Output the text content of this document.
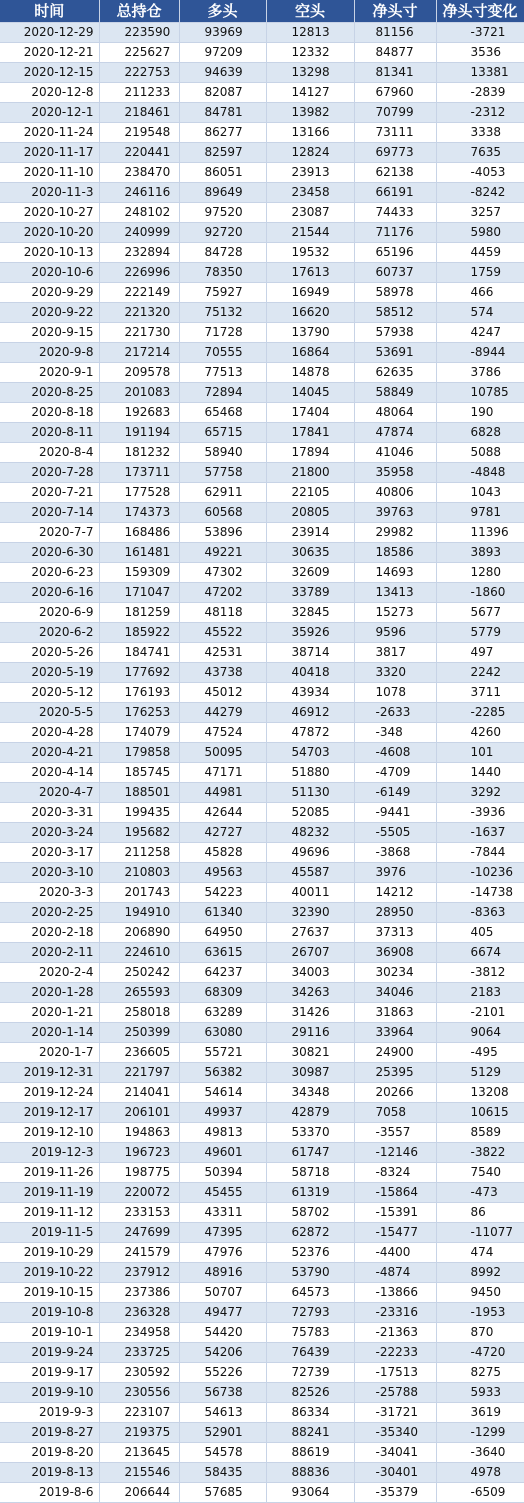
时间	总持仓	多头	空头	净头寸	净头寸变化
2020-12-29	223590	93969	12813	81156	-3721
2020-12-21	225627	97209	12332	84877	3536
2020-12-15	222753	94639	13298	81341	13381
2020-12-8	211233	82087	14127	67960	-2839
2020-12-1	218461	84781	13982	70799	-2312
2020-11-24	219548	86277	13166	73111	3338
2020-11-17	220441	82597	12824	69773	7635
2020-11-10	238470	86051	23913	62138	-4053
2020-11-3	246116	89649	23458	66191	-8242
2020-10-27	248102	97520	23087	74433	3257
2020-10-20	240999	92720	21544	71176	5980
2020-10-13	232894	84728	19532	65196	4459
2020-10-6	226996	78350	17613	60737	1759
2020-9-29	222149	75927	16949	58978	466
2020-9-22	221320	75132	16620	58512	574
2020-9-15	221730	71728	13790	57938	4247
2020-9-8	217214	70555	16864	53691	-8944
2020-9-1	209578	77513	14878	62635	3786
2020-8-25	201083	72894	14045	58849	10785
2020-8-18	192683	65468	17404	48064	190
2020-8-11	191194	65715	17841	47874	6828
2020-8-4	181232	58940	17894	41046	5088
2020-7-28	173711	57758	21800	35958	-4848
2020-7-21	177528	62911	22105	40806	1043
2020-7-14	174373	60568	20805	39763	9781
2020-7-7	168486	53896	23914	29982	11396
2020-6-30	161481	49221	30635	18586	3893
2020-6-23	159309	47302	32609	14693	1280
2020-6-16	171047	47202	33789	13413	-1860
2020-6-9	181259	48118	32845	15273	5677
2020-6-2	185922	45522	35926	9596	5779
2020-5-26	184741	42531	38714	3817	497
2020-5-19	177692	43738	40418	3320	2242
2020-5-12	176193	45012	43934	1078	3711
2020-5-5	176253	44279	46912	-2633	-2285
2020-4-28	174079	47524	47872	-348	4260
2020-4-21	179858	50095	54703	-4608	101
2020-4-14	185745	47171	51880	-4709	1440
2020-4-7	188501	44981	51130	-6149	3292
2020-3-31	199435	42644	52085	-9441	-3936
2020-3-24	195682	42727	48232	-5505	-1637
2020-3-17	211258	45828	49696	-3868	-7844
2020-3-10	210803	49563	45587	3976	-10236
2020-3-3	201743	54223	40011	14212	-14738
2020-2-25	194910	61340	32390	28950	-8363
2020-2-18	206890	64950	27637	37313	405
2020-2-11	224610	63615	26707	36908	6674
2020-2-4	250242	64237	34003	30234	-3812
2020-1-28	265593	68309	34263	34046	2183
2020-1-21	258018	63289	31426	31863	-2101
2020-1-14	250399	63080	29116	33964	9064
2020-1-7	236605	55721	30821	24900	-495
2019-12-31	221797	56382	30987	25395	5129
2019-12-24	214041	54614	34348	20266	13208
2019-12-17	206101	49937	42879	7058	10615
2019-12-10	194863	49813	53370	-3557	8589
2019-12-3	196723	49601	61747	-12146	-3822
2019-11-26	198775	50394	58718	-8324	7540
2019-11-19	220072	45455	61319	-15864	-473
2019-11-12	233153	43311	58702	-15391	86
2019-11-5	247699	47395	62872	-15477	-11077
2019-10-29	241579	47976	52376	-4400	474
2019-10-22	237912	48916	53790	-4874	8992
2019-10-15	237386	50707	64573	-13866	9450
2019-10-8	236328	49477	72793	-23316	-1953
2019-10-1	234958	54420	75783	-21363	870
2019-9-24	233725	54206	76439	-22233	-4720
2019-9-17	230592	55226	72739	-17513	8275
2019-9-10	230556	56738	82526	-25788	5933
2019-9-3	223107	54613	86334	-31721	3619
2019-8-27	219375	52901	88241	-35340	-1299
2019-8-20	213645	54578	88619	-34041	-3640
2019-8-13	215546	58435	88836	-30401	4978
2019-8-6	206644	57685	93064	-35379	-6509
